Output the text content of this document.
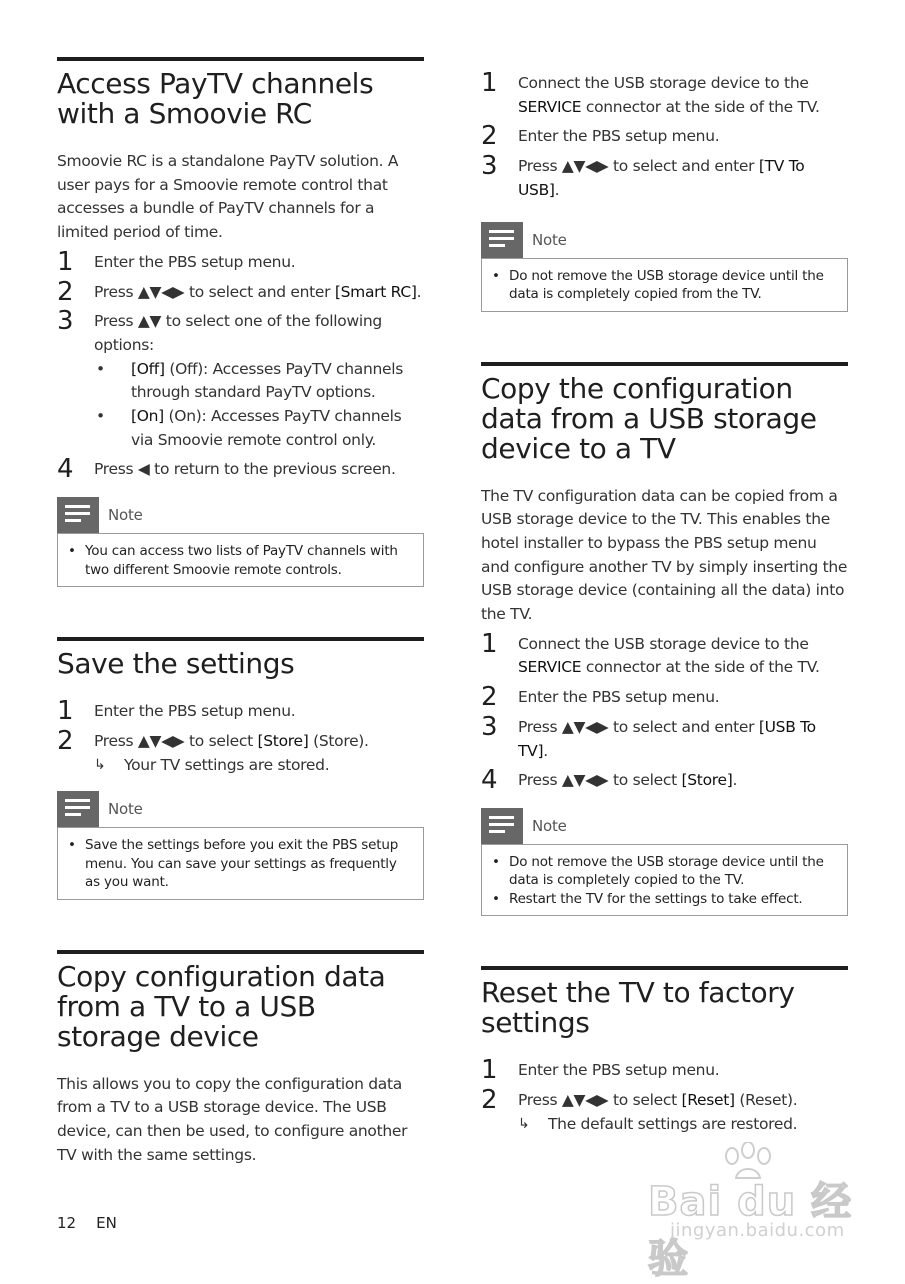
Access PayTV channels with a Smoovie RC

Smoovie RC is a standalone PayTV solution. A user pays for a Smoovie remote control that accesses a bundle of PayTV channels for a limited period of time.

1 Enter the PBS setup menu.
2 Press ▲▼◀▶ to select and enter [Smart RC].
3 Press ▲▼ to select one of the following options:
• [Off] (Off): Accesses PayTV channels through standard PayTV options.
• [On] (On): Accesses PayTV channels via Smoovie remote control only.
4 Press ◀ to return to the previous screen.
Note
• You can access two lists of PayTV channels with two different Smoovie remote controls.
Save the settings
1 Enter the PBS setup menu.
2 Press ▲▼◀▶ to select [Store] (Store).
↳ Your TV settings are stored.
Note
• Save the settings before you exit the PBS setup menu. You can save your settings as frequently as you want.
Copy configuration data from a TV to a USB storage device

This allows you to copy the configuration data from a TV to a USB storage device. The USB device, can then be used, to configure another TV with the same settings.

1 Connect the USB storage device to the SERVICE connector at the side of the TV.
2 Enter the PBS setup menu.
3 Press ▲▼◀▶ to select and enter [TV To USB].
Note
• Do not remove the USB storage device until the data is completely copied from the TV.
Copy the configuration data from a USB storage device to a TV

The TV configuration data can be copied from a USB storage device to the TV. This enables the hotel installer to bypass the PBS setup menu and configure another TV by simply inserting the USB storage device (containing all the data) into the TV.

1 Connect the USB storage device to the SERVICE connector at the side of the TV.
2 Enter the PBS setup menu.
3 Press ▲▼◀▶ to select and enter [USB To TV].
4 Press ▲▼◀▶ to select [Store].
Note
• Do not remove the USB storage device until the data is completely copied to the TV.
• Restart the TV for the settings to take effect.
Reset the TV to factory settings
1 Enter the PBS setup menu.
2 Press ▲▼◀▶ to select [Reset] (Reset).
↳ The default settings are restored.
12 EN	Bai du 经验
jingyan.baidu.com
